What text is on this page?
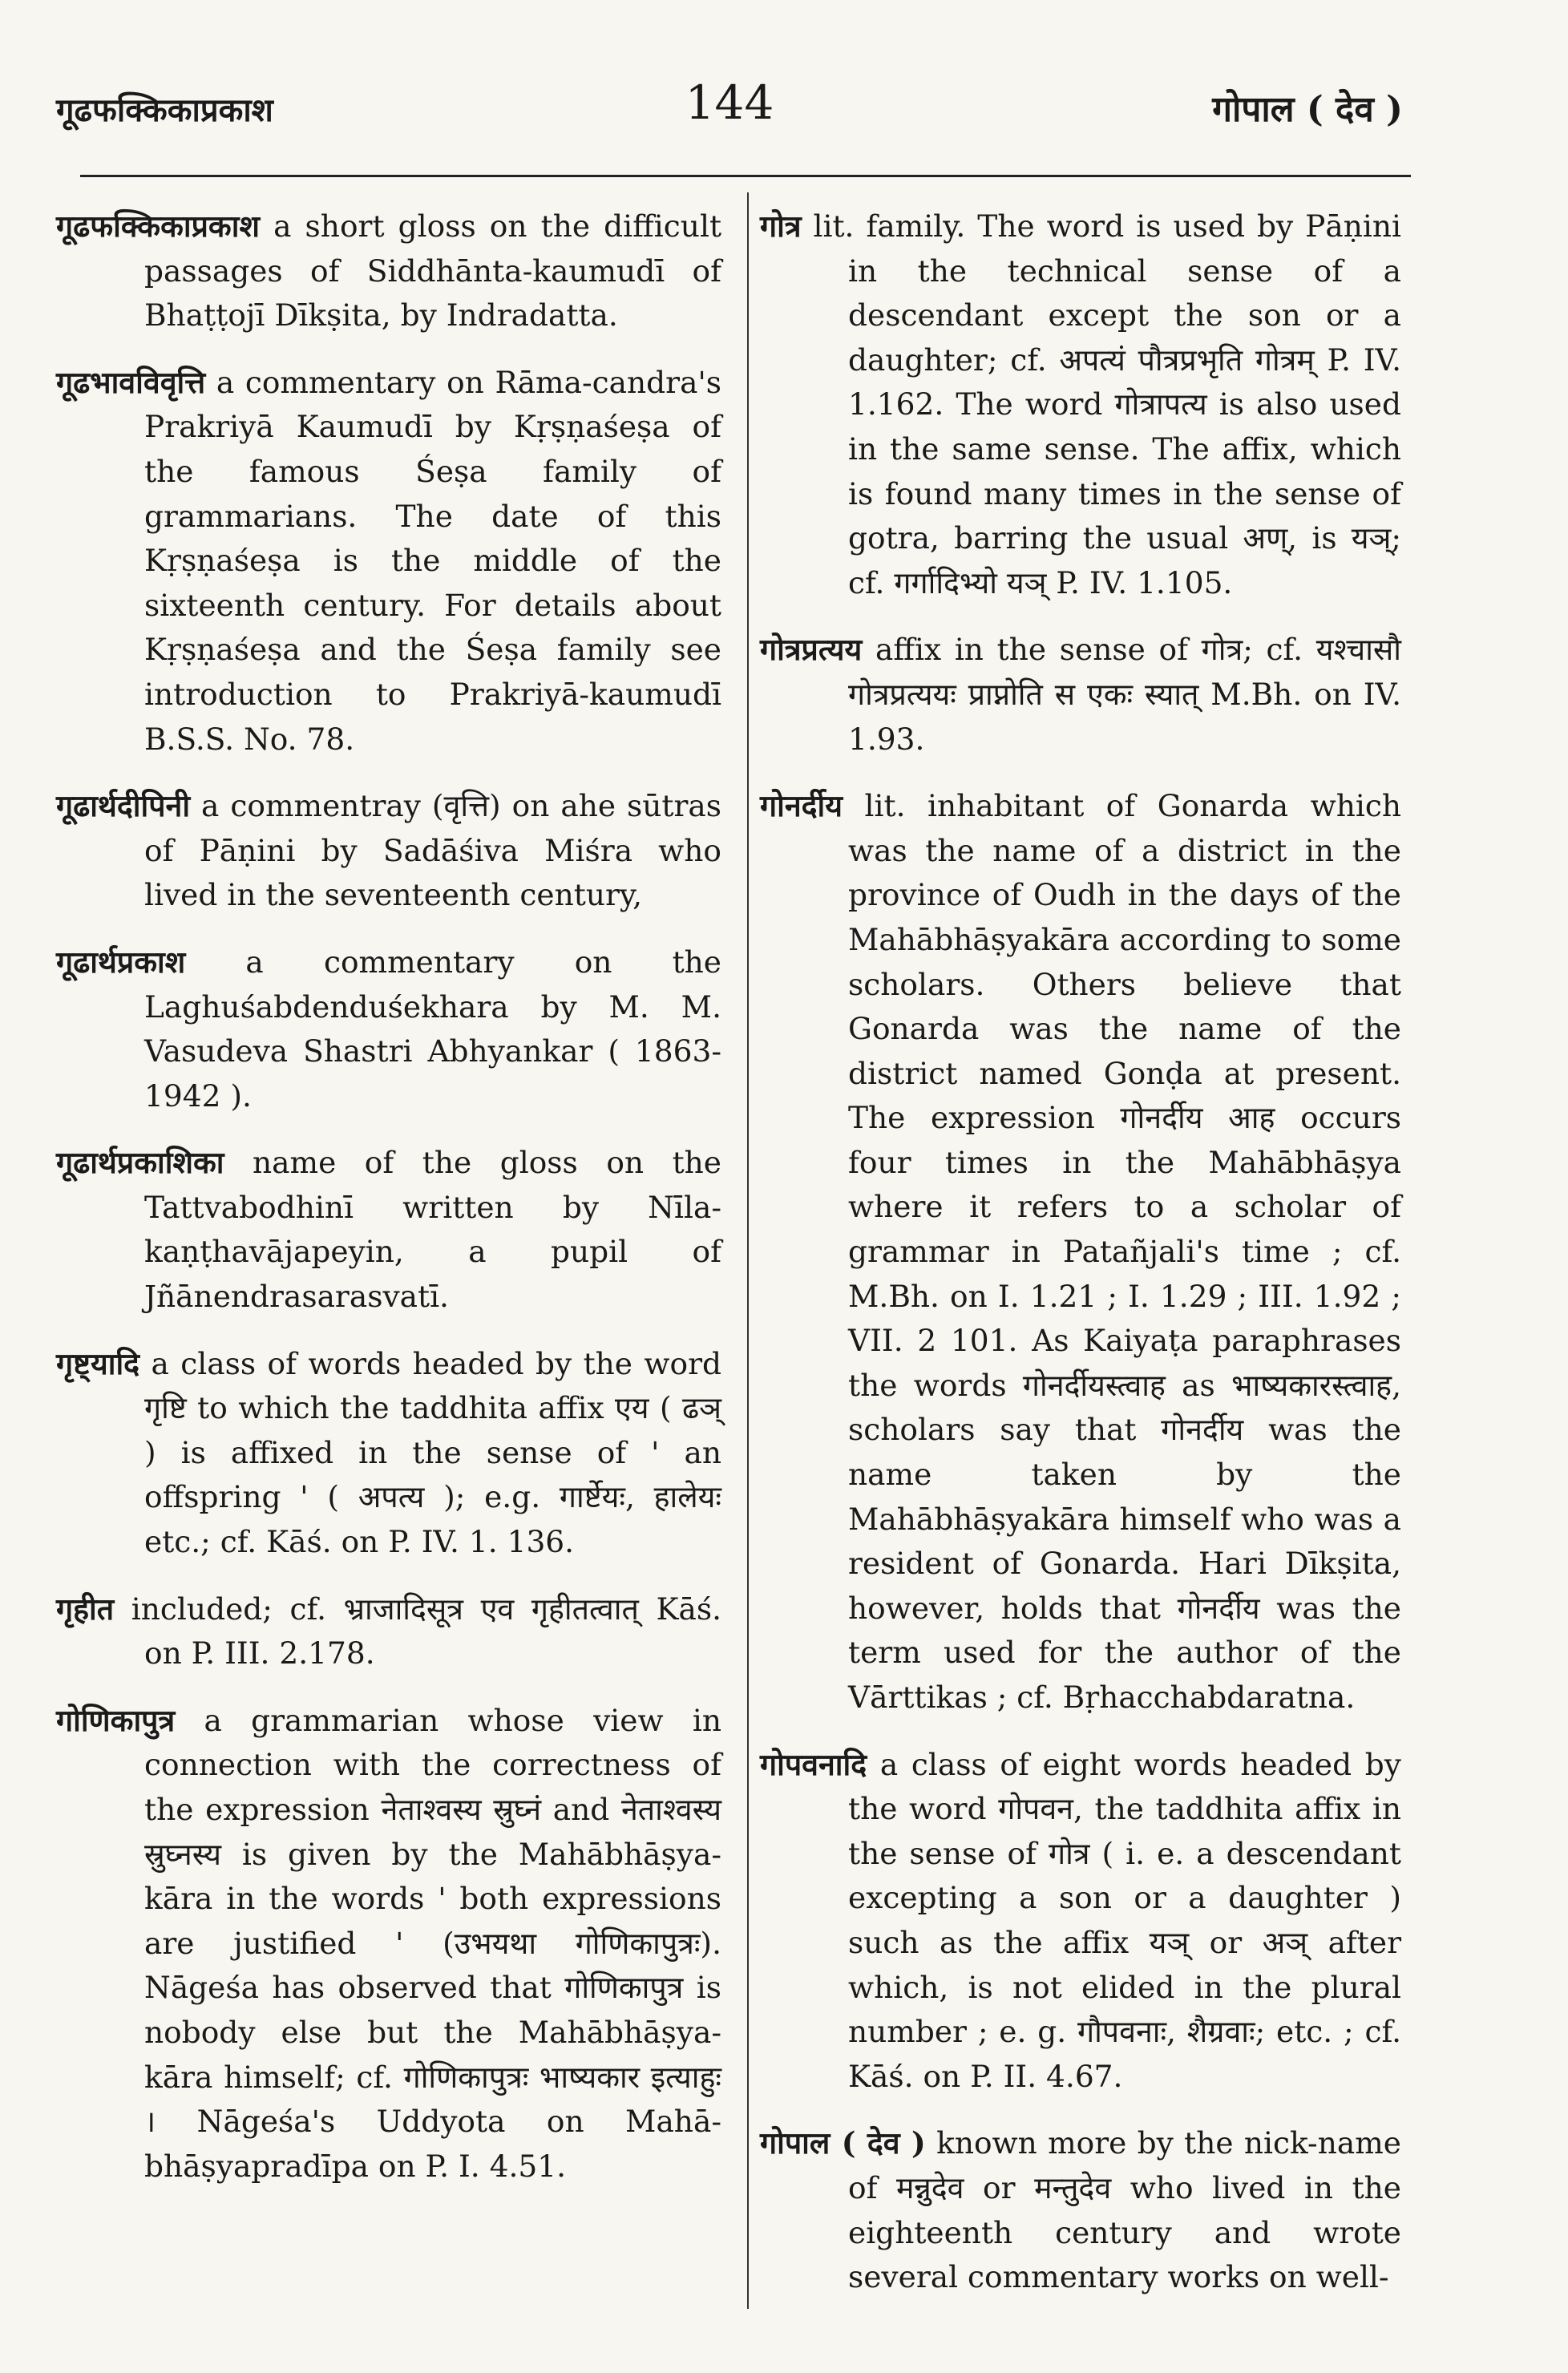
गूढफक्किकाप्रकाश	144	गोपाल ( देव )

गूढफक्किकाप्रकाश a short gloss on the difficult passages of Siddhānta-kaumudī of Bhaṭṭojī Dīkṣita, by Indradatta.

गूढभावविवृत्ति a commentary on Rāma-candra's Prakriyā Kaumudī by Kṛṣṇaśeṣa of the famous Śeṣa family of grammarians. The date of this Kṛṣṇaśeṣa is the middle of the sixteenth century. For details about Kṛṣṇaśeṣa and the Śeṣa family see introduction to Prakriyā-kaumudī B.S.S. No. 78.

गूढार्थदीपिनी a commentray (वृत्ति) on ahe sūtras of Pāṇini by Sadāśiva Miśra who lived in the seventeenth century,

गूढार्थप्रकाश a commentary on the Laghuśabdenduśekhara by M. M. Vasudeva Shastri Abhyankar ( 1863-1942 ).

गूढार्थप्रकाशिका name of the gloss on the Tattvabodhinī written by Nīla-kaṇṭhavājapeyin, a pupil of Jñānendrasarasvatī.

गृष्ट्यादि a class of words headed by the word गृष्टि to which the taddhita affix एय ( ढञ् ) is affixed in the sense of ' an offspring ' ( अपत्य ); e.g. गार्ष्टेयः, हालेयः etc.; cf. Kāś. on P. IV. 1. 136.

गृहीत included; cf. भ्राजादिसूत्र एव गृहीतत्वात् Kāś. on P. III. 2.178.

गोणिकापुत्र a grammarian whose view in connection with the correctness of the expression नेताश्वस्य स्रुघ्नं and नेताश्वस्य स्रुघ्नस्य is given by the Mahābhāṣya-kāra in the words ' both expressions are justified ' (उभयथा गोणिकापुत्रः). Nāgeśa has observed that गोणिकापुत्र is nobody else but the Mahābhāṣya-kāra himself; cf. गोणिकापुत्रः भाष्यकार इत्याहुः । Nāgeśa's Uddyota on Mahā-bhāṣyapradīpa on P. I. 4.51.

गोत्र lit. family. The word is used by Pāṇini in the technical sense of a descendant except the son or a daughter; cf. अपत्यं पौत्रप्रभृति गोत्रम् P. IV. 1.162. The word गोत्रापत्य is also used in the same sense. The affix, which is found many times in the sense of gotra, barring the usual अण्, is यञ्; cf. गर्गादिभ्यो यञ् P. IV. 1.105.

गोत्रप्रत्यय affix in the sense of गोत्र; cf. यश्चासौ गोत्रप्रत्ययः प्राप्नोति स एकः स्यात् M.Bh. on IV. 1.93.

गोनर्दीय lit. inhabitant of Gonarda which was the name of a district in the province of Oudh in the days of the Mahābhāṣyakāra according to some scholars. Others believe that Gonarda was the name of the district named Gonḍa at present. The expression गोनर्दीय आह occurs four times in the Mahābhāṣya where it refers to a scholar of grammar in Patañjali's time ; cf. M.Bh. on I. 1.21 ; I. 1.29 ; III. 1.92 ; VII. 2 101. As Kaiyaṭa paraphrases the words गोनर्दीयस्त्वाह as भाष्यकारस्त्वाह, scholars say that गोनर्दीय was the name taken by the Mahābhāṣyakāra himself who was a resident of Gonarda. Hari Dīkṣita, however, holds that गोनर्दीय was the term used for the author of the Vārttikas ; cf. Bṛhacchabdaratna.

गोपवनादि a class of eight words headed by the word गोपवन, the taddhita affix in the sense of गोत्र ( i. e. a descendant excepting a son or a daughter ) such as the affix यञ् or अञ् after which, is not elided in the plural number ; e. g. गौपवनाः, शैग्रवाः; etc. ; cf. Kāś. on P. II. 4.67.

गोपाल ( देव ) known more by the nick-name of मन्नुदेव or मन्तुदेव who lived in the eighteenth century and wrote several commentary works on well-
